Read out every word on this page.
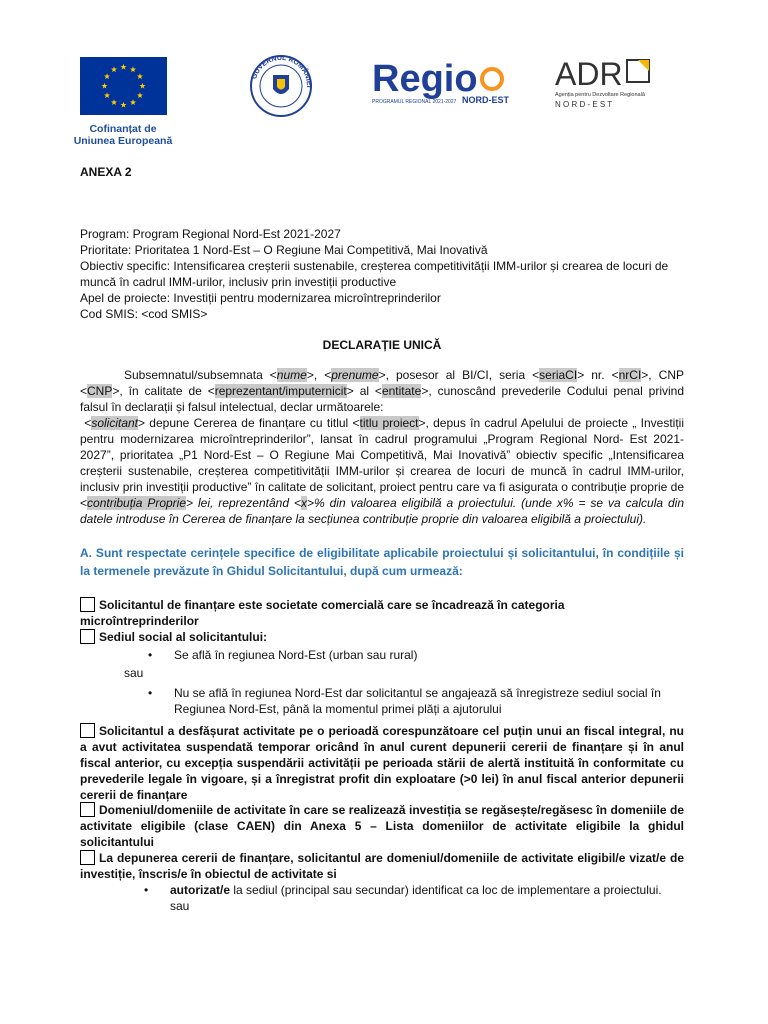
Cofinanțat de
Uniunea Europeană
GUVERNUL ROMÂNIEI Regio
PROGRAMUL REGIONAL 2021-2027 NORD-EST
ADR
Agenția pentru Dezvoltare Regională
N O R D - E S T
ANEXA 2
Program: Program Regional Nord-Est 2021-2027
Prioritate: Prioritatea 1 Nord-Est – O Regiune Mai Competitivă, Mai Inovativă
Obiectiv specific: Intensificarea creșterii sustenabile, creșterea competitivității IMM-urilor și crearea de locuri de
muncă în cadrul IMM-urilor, inclusiv prin investiții productive
Apel de proiecte: Investiții pentru modernizarea microîntreprinderilor
Cod SMIS: <cod SMIS>
DECLARAȚIE UNICĂ
Subsemnatul/subsemnata <nume>, <prenume>, posesor al BI/CI, seria <seriaCI> nr. <nrCI>, CNP <CNP>, în calitate de <reprezentant/imputernicit> al <entitate>, cunoscând prevederile Codului penal privind falsul în declarații și falsul intelectual, declar următoarele:
<solicitant> depune Cererea de finanțare cu titlul <titlu proiect>, depus în cadrul Apelului de proiecte „ Investiții pentru modernizarea microîntreprinderilor”, lansat în cadrul programului „Program Regional Nord- Est 2021-2027”, prioritatea „P1 Nord-Est – O Regiune Mai Competitivă, Mai Inovativă” obiectiv specific „Intensificarea creșterii sustenabile, creșterea competitivității IMM-urilor și crearea de locuri de muncă în cadrul IMM-urilor, inclusiv prin investiții productive” în calitate de solicitant, proiect pentru care va fi asigurata o contribuție proprie de <contribuția Proprie> lei, reprezentând <x>% din valoarea eligibilă a proiectului. (unde x% = se va calcula din datele introduse în Cererea de finanțare la secțiunea contribuție proprie din valoarea eligibilă a proiectului).
A. Sunt respectate cerințele specifice de eligibilitate aplicabile proiectului și solicitantului, în condițiile și la termenele prevăzute în Ghidul Solicitantului, după cum urmează:
Solicitantul de finanțare este societate comercială care se încadrează în categoria microîntreprinderilor
Sediul social al solicitantului:
• Se află în regiunea Nord-Est (urban sau rural)
sau
• Nu se află în regiunea Nord-Est dar solicitantul se angajează să înregistreze sediul social în Regiunea Nord-Est, până la momentul primei plăți a ajutorului
Solicitantul a desfășurat activitate pe o perioadă corespunzătoare cel puțin unui an fiscal integral, nu a avut activitatea suspendată temporar oricând în anul curent depunerii cererii de finanțare și în anul fiscal anterior, cu excepția suspendării activității pe perioada stării de alertă instituită în conformitate cu prevederile legale în vigoare, și a înregistrat profit din exploatare (>0 lei) în anul fiscal anterior depunerii cererii de finanțare
Domeniul/domeniile de activitate în care se realizează investiția se regăsește/regăsesc în domeniile de activitate eligibile (clase CAEN) din Anexa 5 – Lista domeniilor de activitate eligibile la ghidul solicitantului
La depunerea cererii de finanțare, solicitantul are domeniul/domeniile de activitate eligibil/e vizat/e de investiție, înscris/e în obiectul de activitate si
• autorizat/e la sediul (principal sau secundar) identificat ca loc de implementare a proiectului.
sau
